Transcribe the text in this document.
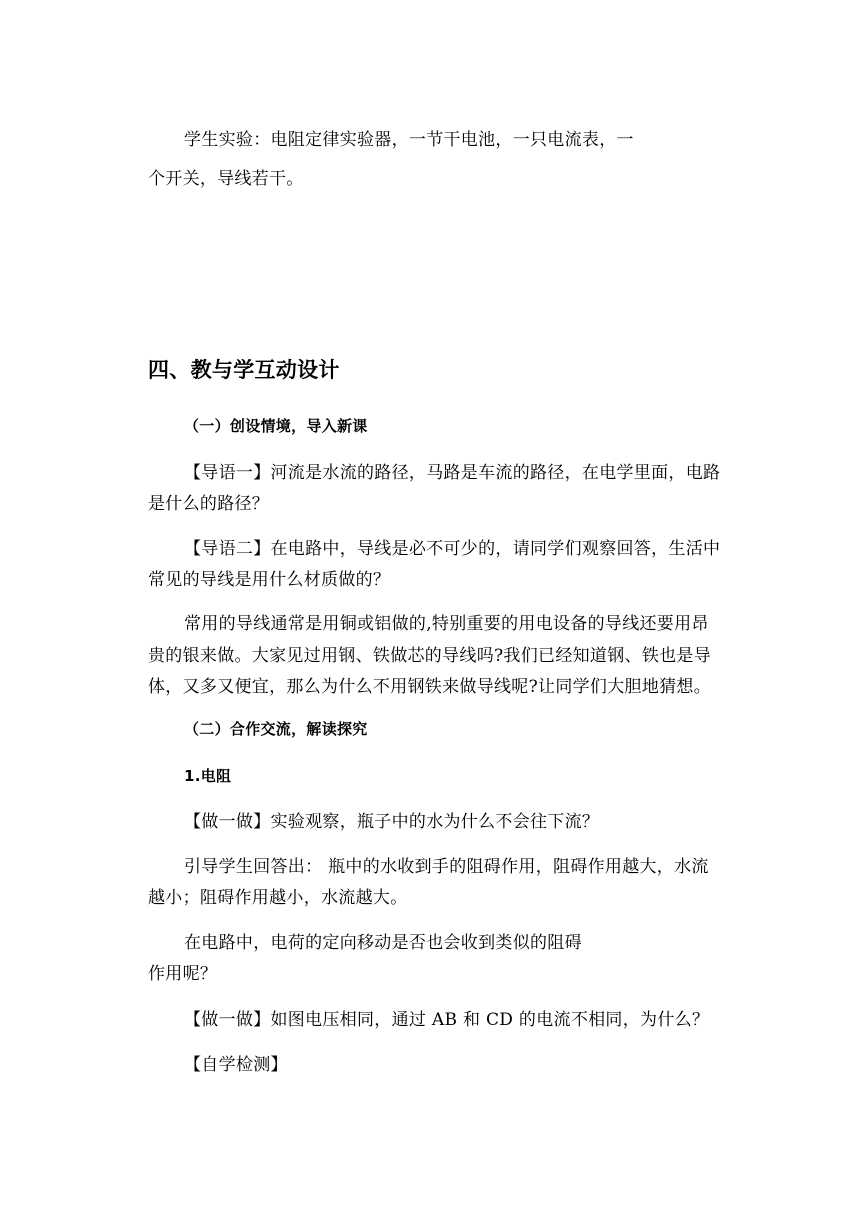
学生实验：电阻定律实验器，一节干电池，一只电流表，一
个开关，导线若干。
四、教与学互动设计
（一）创设情境，导入新课
【导语一】河流是水流的路径，马路是车流的路径，在电学里面，电路
是什么的路径？
【导语二】在电路中，导线是必不可少的，请同学们观察回答，生活中
常见的导线是用什么材质做的？
常用的导线通常是用铜或铝做的,特别重要的用电设备的导线还要用昂
贵的银来做。大家见过用钢、铁做芯的导线吗?我们已经知道钢、铁也是导
体，又多又便宜，那么为什么不用钢铁来做导线呢?让同学们大胆地猜想。
（二）合作交流，解读探究
1.电阻
【做一做】实验观察，瓶子中的水为什么不会往下流？
引导学生回答出： 瓶中的水收到手的阻碍作用，阻碍作用越大，水流
越小；阻碍作用越小，水流越大。
在电路中，电荷的定向移动是否也会收到类似的阻碍
作用呢？
【做一做】如图电压相同，通过 AB 和 CD 的电流不相同，为什么？
【自学检测】
